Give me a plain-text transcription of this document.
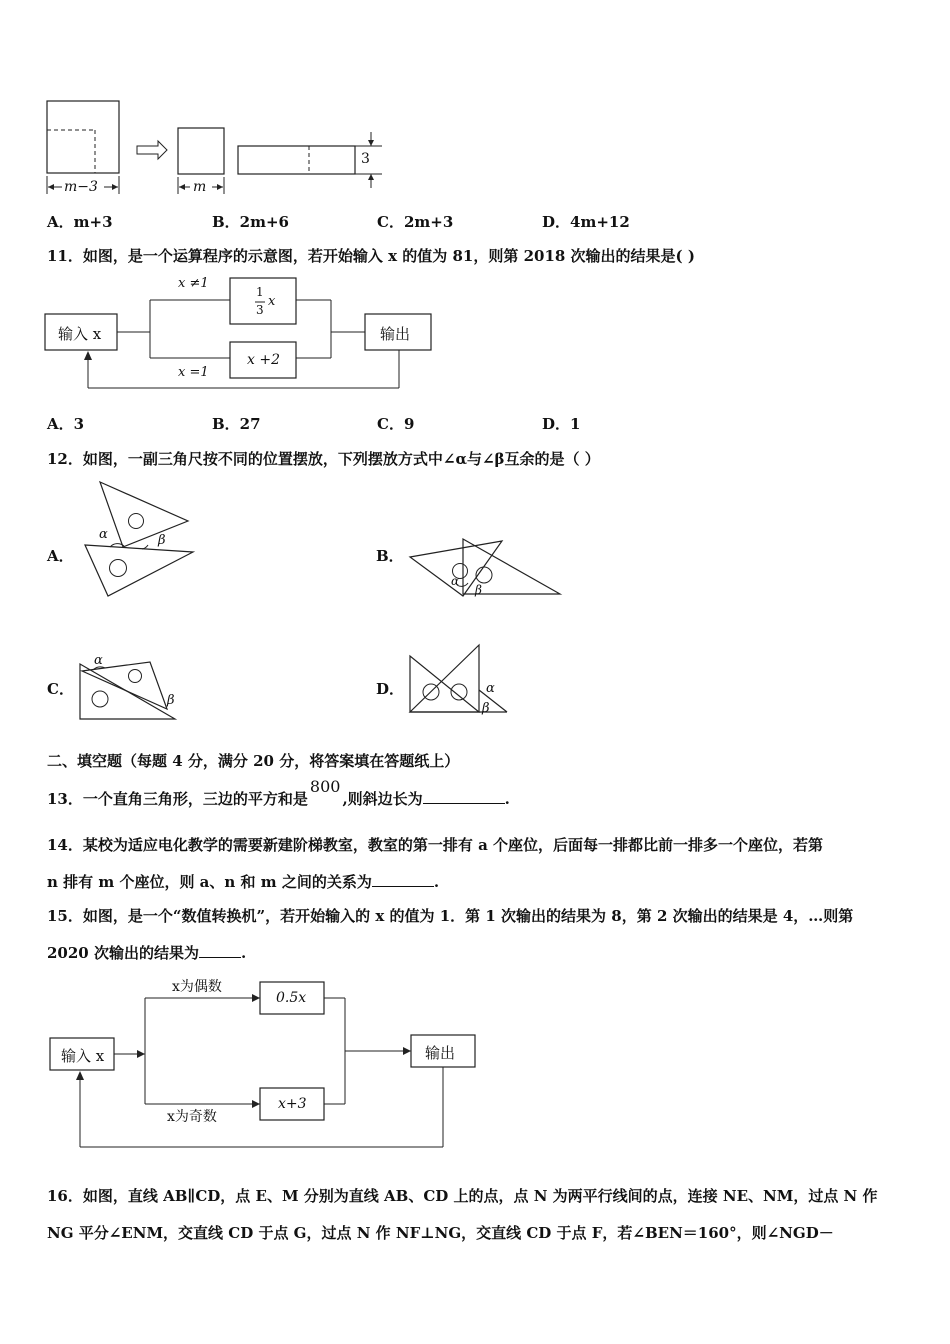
m−3	m
3
A．m+3	B．2m+6	C．2m+3	D．4m+12
11．如图，是一个运算程序的示意图，若开始输入 x 的值为 81，则第 2018 次输出的结果是( )
输入 x	输出
x ≠1
x =1
1
3
x
x +2
A．3	B．27	C．9	D．1
12．如图，一副三角尺按不同的位置摆放，下列摆放方式中∠α与∠β互余的是（ ）
A．	B．
C．	D．
α	β
α
β
α
β
α
β
二、填空题（每题 4 分，满分 20 分，将答案填在答题纸上）
13．一个直角三角形，三边的平方和是800,则斜边长为	.
14．某校为适应电化教学的需要新建阶梯教室，教室的第一排有 a 个座位，后面每一排都比前一排多一个座位，若第
n 排有 m 个座位，则 a、n 和 m 之间的关系为	.
15．如图，是一个“数值转换机”，若开始输入的 x 的值为 1．第 1 次输出的结果为 8，第 2 次输出的结果是 4，…则第
2020 次输出的结果为	.
输入 x	输出
x为偶数
x为奇数
0.5x
x+3
16．如图，直线 AB∥CD，点 E、M 分别为直线 AB、CD 上的点，点 N 为两平行线间的点，连接 NE、NM，过点 N 作
NG 平分∠ENM，交直线 CD 于点 G，过点 N 作 NF⊥NG，交直线 CD 于点 F，若∠BEN＝160°，则∠NGD－
